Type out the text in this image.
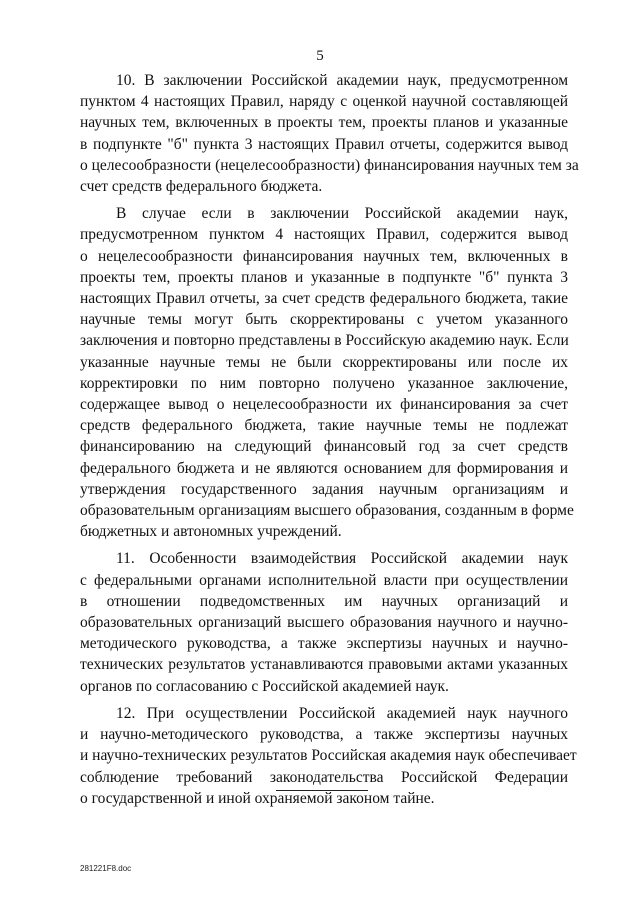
5

10. В заключении Российской академии наук, предусмотренном
пунктом 4 настоящих Правил, наряду с оценкой научной составляющей
научных тем, включенных в проекты тем, проекты планов и указанные
в подпункте "б" пункта 3 настоящих Правил отчеты, содержится вывод
о целесообразности (нецелесообразности) финансирования научных тем за
счет средств федерального бюджета.

В случае если в заключении Российской академии наук,
предусмотренном пунктом 4 настоящих Правил, содержится вывод
о нецелесообразности финансирования научных тем, включенных в
проекты тем, проекты планов и указанные в подпункте "б" пункта 3
настоящих Правил отчеты, за счет средств федерального бюджета, такие
научные темы могут быть скорректированы с учетом указанного
заключения и повторно представлены в Российскую академию наук. Если
указанные научные темы не были скорректированы или после их
корректировки по ним повторно получено указанное заключение,
содержащее вывод о нецелесообразности их финансирования за счет
средств федерального бюджета, такие научные темы не подлежат
финансированию на следующий финансовый год за счет средств
федерального бюджета и не являются основанием для формирования и
утверждения государственного задания научным организациям и
образовательным организациям высшего образования, созданным в форме
бюджетных и автономных учреждений.

11. Особенности взаимодействия Российской академии наук
с федеральными органами исполнительной власти при осуществлении
в отношении подведомственных им научных организаций и
образовательных организаций высшего образования научного и научно-
методического руководства, а также экспертизы научных и научно-
технических результатов устанавливаются правовыми актами указанных
органов по согласованию с Российской академией наук.

12. При осуществлении Российской академией наук научного
и научно-методического руководства, а также экспертизы научных
и научно-технических результатов Российская академия наук обеспечивает
соблюдение требований законодательства Российской Федерации
о государственной и иной охраняемой законом тайне.

281221F8.doc
